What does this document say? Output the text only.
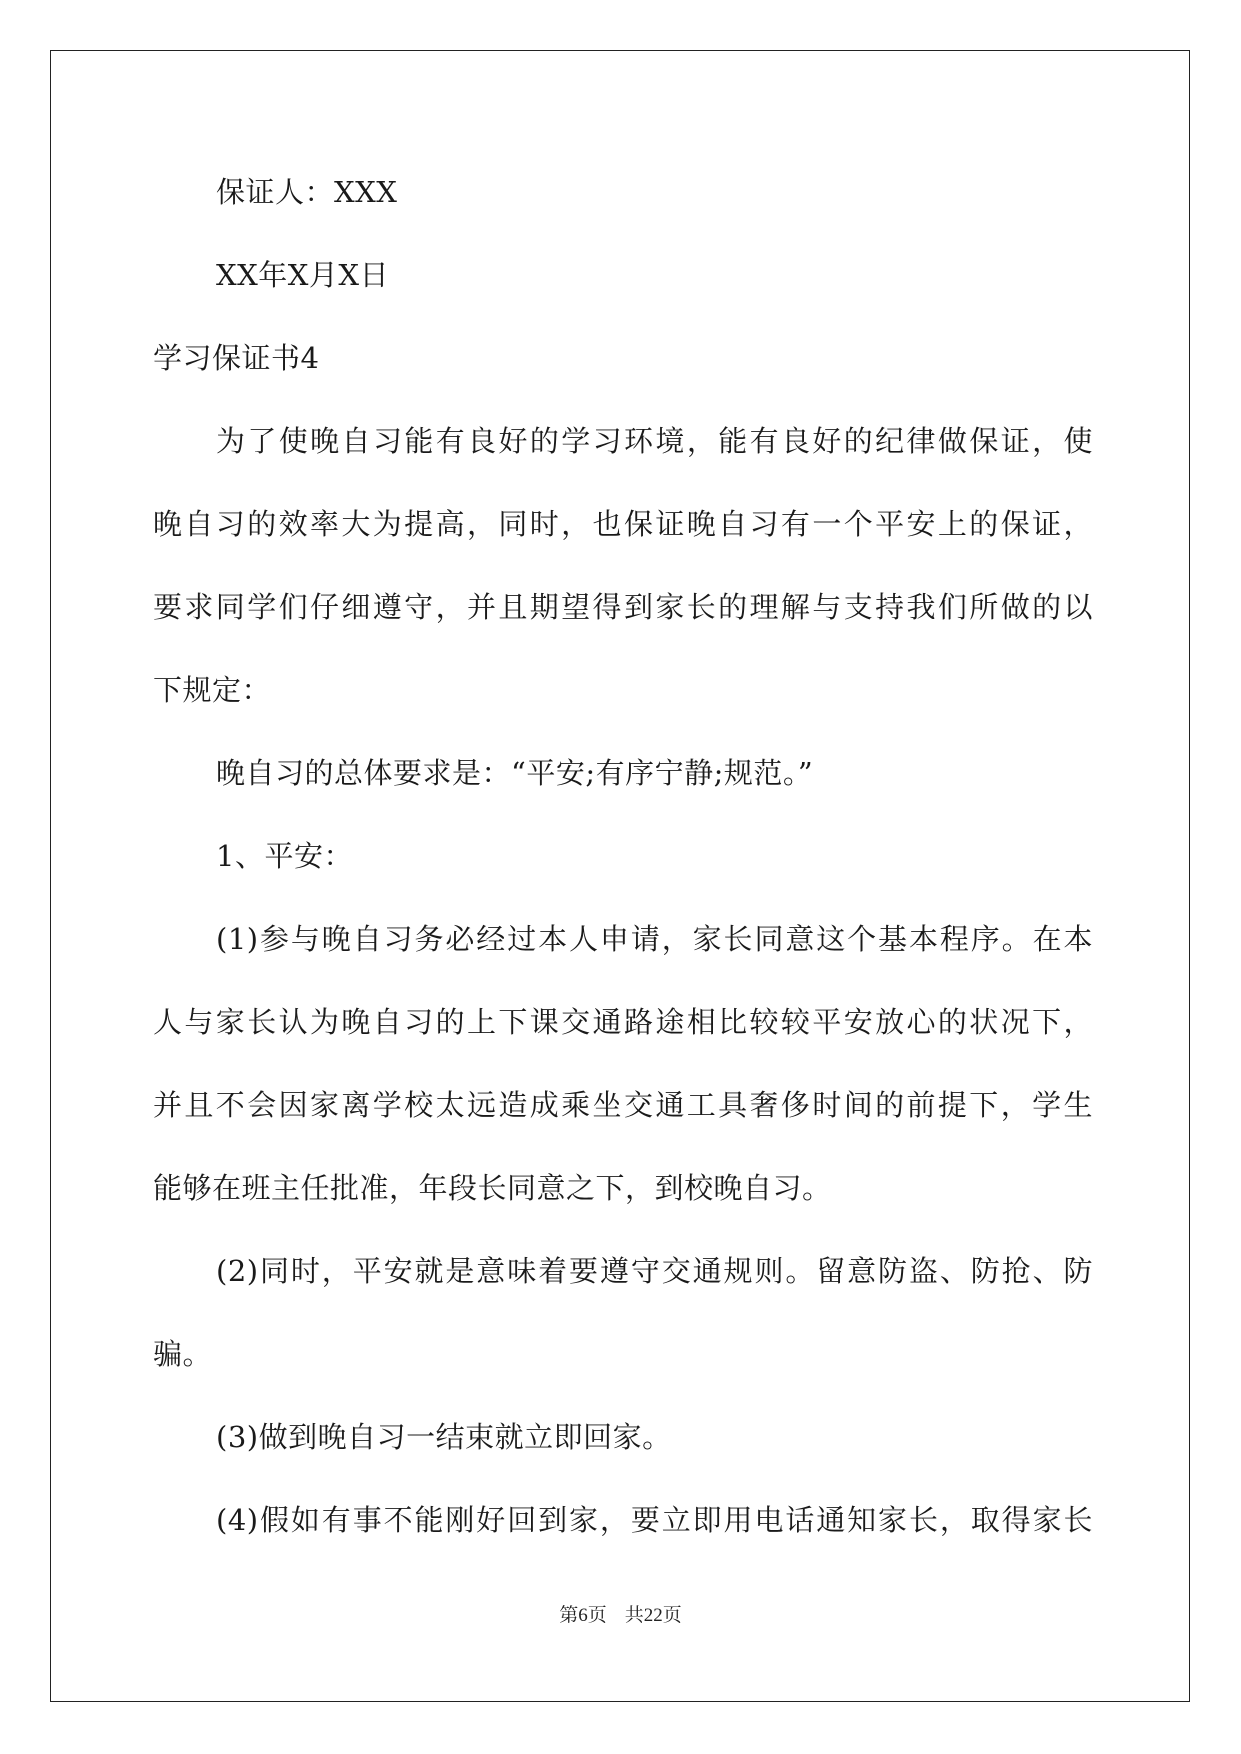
保证人：XXX
XX年X月X日
学习保证书4
为了使晚自习能有良好的学习环境，能有良好的纪律做保证，使
晚自习的效率大为提高，同时，也保证晚自习有一个平安上的保证，
要求同学们仔细遵守，并且期望得到家长的理解与支持我们所做的以
下规定：
晚自习的总体要求是：“平安;有序宁静;规范。”
1、平安：
(1)参与晚自习务必经过本人申请，家长同意这个基本程序。在本
人与家长认为晚自习的上下课交通路途相比较较平安放心的状况下，
并且不会因家离学校太远造成乘坐交通工具奢侈时间的前提下，学生
能够在班主任批准，年段长同意之下，到校晚自习。
(2)同时，平安就是意味着要遵守交通规则。留意防盗、防抢、防
骗。
(3)做到晚自习一结束就立即回家。
(4)假如有事不能刚好回到家，要立即用电话通知家长，取得家长
第6页 共22页
